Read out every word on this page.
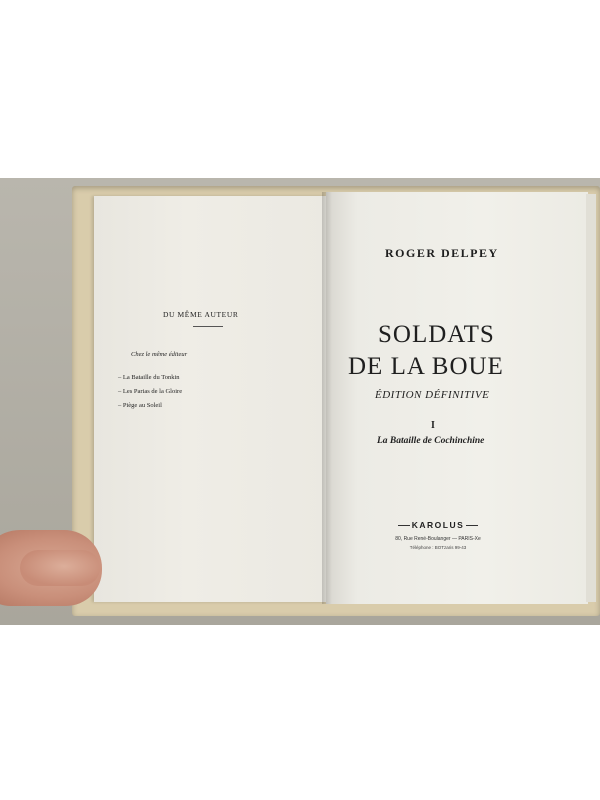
DU MÊME AUTEUR
Chez le même éditeur
– La Bataille du Tonkin
– Les Parias de la Gloire
– Piège au Soleil
ROGER DELPEY
SOLDATS
DE LA BOUE
ÉDITION DÉFINITIVE
I
La Bataille de Cochinchine
KAROLUS
80, Rue René-Boulanger — PARIS-Xe
Téléphone : BOTzaris 99-43
